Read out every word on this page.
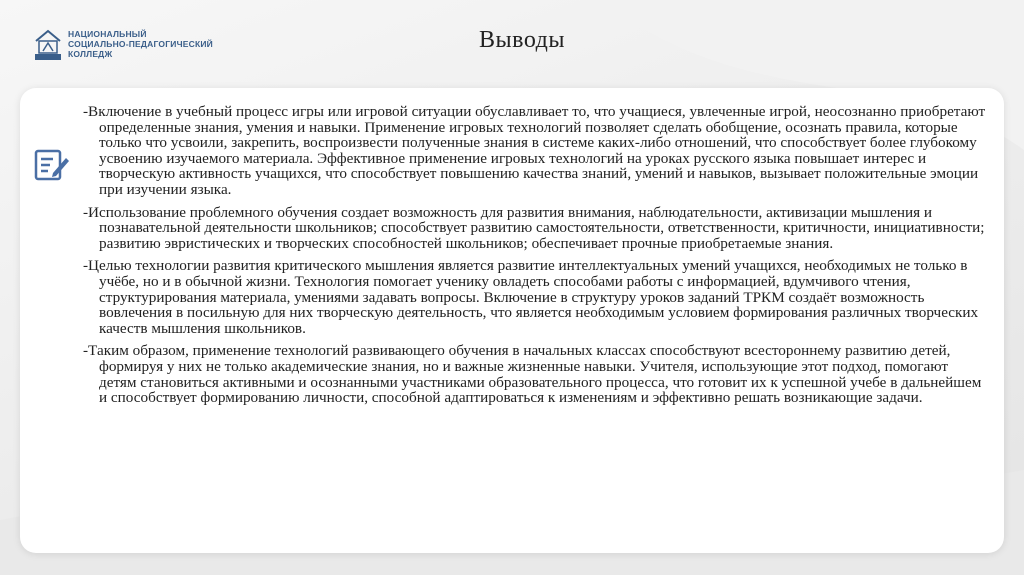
НАЦИОНАЛЬНЫЙ
СОЦИАЛЬНО-ПЕДАГОГИЧЕСКИЙ
КОЛЛЕДЖ
Выводы

-Включение в учебный процесс игры или игровой ситуации обуславливает то, что учащиеся, увлеченные игрой, неосознанно приобретают определенные знания, умения и навыки. Применение игровых технологий позволяет сделать обобщение, осознать правила, которые только что усвоили, закрепить, воспроизвести полученные знания в системе каких-либо отношений, что способствует более глубокому усвоению изучаемого материала. Эффективное применение игровых технологий на уроках русского языка повышает интерес и творческую активность учащихся, что способствует повышению качества знаний, умений и навыков, вызывает положительные эмоции при изучении языка.

-Использование проблемного обучения создает возможность для развития внимания, наблюдательности, активизации мышления и познавательной деятельности школьников; способствует развитию самостоятельности, ответственности, критичности, инициативности; развитию эвристических и творческих способностей школьников; обеспечивает прочные приобретаемые знания.

-Целью технологии развития критического мышления является развитие интеллектуальных умений учащихся, необходимых не только в учёбе, но и в обычной жизни. Технология помогает ученику овладеть способами работы с информацией, вдумчивого чтения, структурирования материала, умениями задавать вопросы. Включение в структуру уроков заданий ТРКМ создаёт возможность вовлечения в посильную для них творческую деятельность, что является необходимым условием формирования различных творческих качеств мышления школьников.

-Таким образом, применение технологий развивающего обучения в начальных классах способствуют всестороннему развитию детей, формируя у них не только академические знания, но и важные жизненные навыки. Учителя, использующие этот подход, помогают детям становиться активными и осознанными участниками образовательного процесса, что готовит их к успешной учебе в дальнейшем и способствует формированию личности, способной адаптироваться к изменениям и эффективно решать возникающие задачи.
